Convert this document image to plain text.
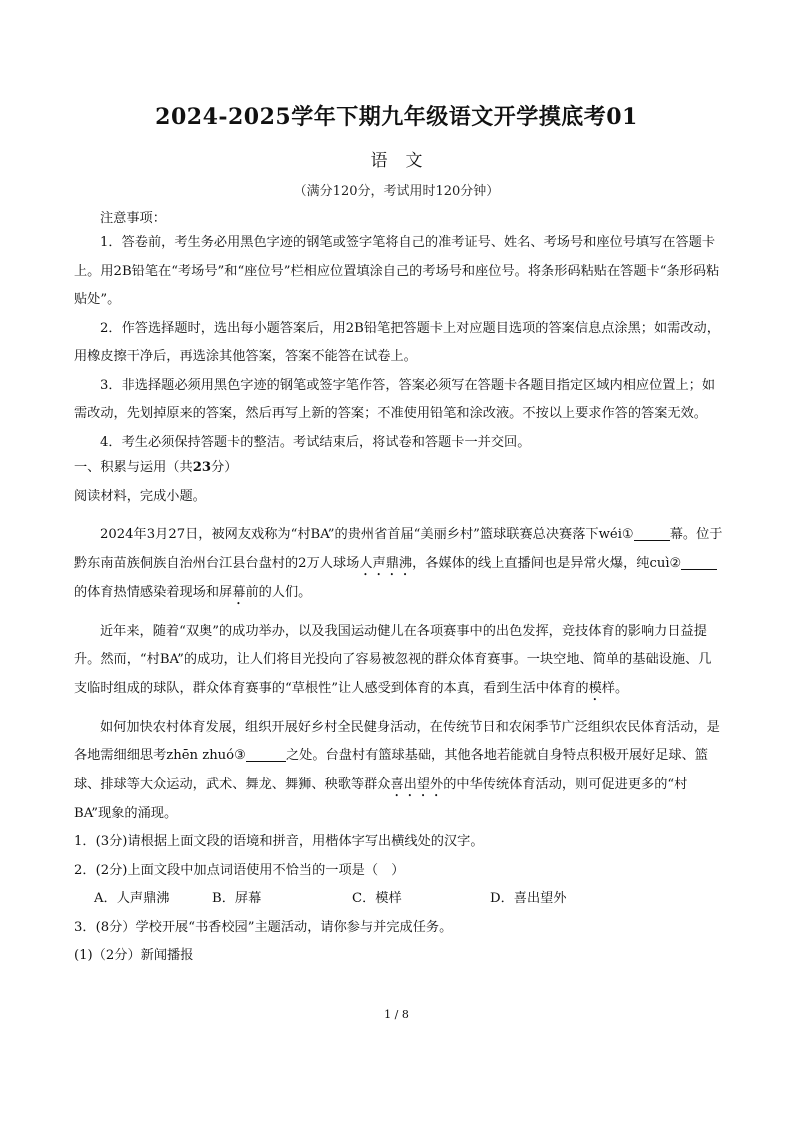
2024-2025学年下期九年级语文开学摸底考01
语文
（满分120分，考试用时120分钟）
注意事项：

1．答卷前，考生务必用黑色字迹的钢笔或签字笔将自己的准考证号、姓名、考场号和座位号填写在答题卡上。用2B铅笔在“考场号”和“座位号”栏相应位置填涂自己的考场号和座位号。将条形码粘贴在答题卡“条形码粘贴处”。

2．作答选择题时，选出每小题答案后，用2B铅笔把答题卡上对应题目选项的答案信息点涂黑；如需改动，用橡皮擦干净后，再选涂其他答案，答案不能答在试卷上。

3．非选择题必须用黑色字迹的钢笔或签字笔作答，答案必须写在答题卡各题目指定区域内相应位置上；如需改动，先划掉原来的答案，然后再写上新的答案；不准使用铅笔和涂改液。不按以上要求作答的答案无效。

4．考生必须保持答题卡的整洁。考试结束后，将试卷和答题卡一并交回。

一、积累与运用（共23分）

阅读材料，完成小题。

2024年3月27日，被网友戏称为“村BA”的贵州省首届“美丽乡村”篮球联赛总决赛落下wéi①	幕。位于黔东南苗族侗族自治州台江县台盘村的2万人球场人声鼎沸，各媒体的线上直播间也是异常火爆，纯cuì②的体育热情感染着现场和屏幕前的人们。

近年来，随着“双奥”的成功举办，以及我国运动健儿在各项赛事中的出色发挥，竞技体育的影响力日益提升。然而，“村BA”的成功，让人们将目光投向了容易被忽视的群众体育赛事。一块空地、简单的基础设施、几支临时组成的球队，群众体育赛事的“草根性”让人感受到体育的本真，看到生活中体育的模样。

如何加快农村体育发展，组织开展好乡村全民健身活动，在传统节日和农闲季节广泛组织农民体育活动，是各地需细细思考zhēn zhuó③	之处。台盘村有篮球基础，其他各地若能就自身特点积极开展好足球、篮球、排球等大众运动，武术、舞龙、舞狮、秧歌等群众喜出望外的中华传统体育活动，则可促进更多的“村BA”现象的涌现。

1．(3分)请根据上面文段的语境和拼音，用楷体字写出横线处的汉字。

2．(2分)上面文段中加点词语使用不恰当的一项是（　）

A．人声鼎沸	B．屏幕	C．模样	D．喜出望外

3．(8分）学校开展“书香校园”主题活动，请你参与并完成任务。

(1)（2分）新闻播报

1 / 8
